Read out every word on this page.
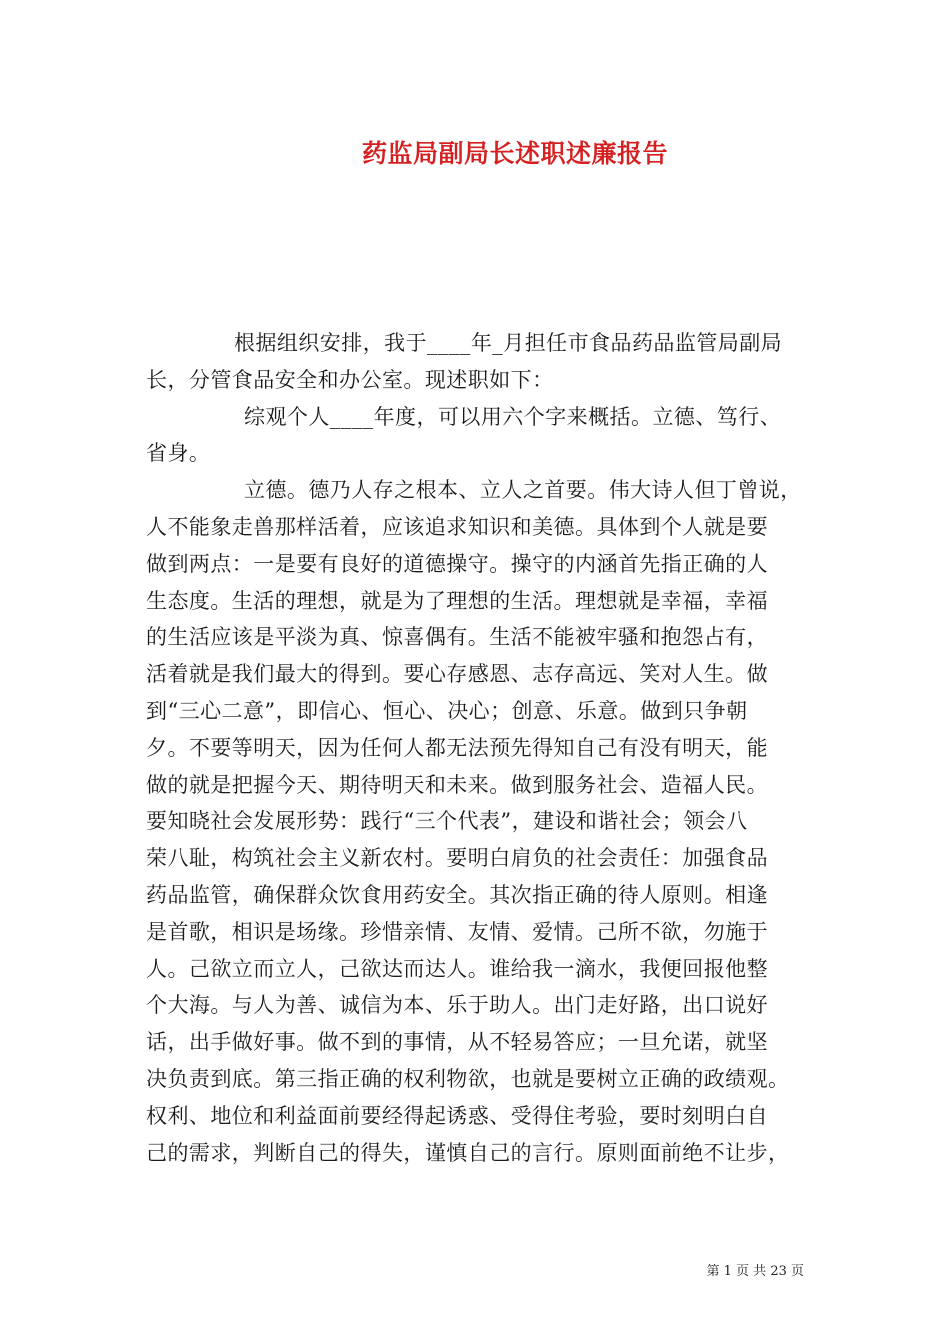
药监局副局长述职述廉报告
根据组织安排，我于____年_月担任市食品药品监管局副局
长，分管食品安全和办公室。现述职如下：
综观个人____年度，可以用六个字来概括。立德、笃行、
省身。
立德。德乃人存之根本、立人之首要。伟大诗人但丁曾说，
人不能象走兽那样活着，应该追求知识和美德。具体到个人就是要
做到两点：一是要有良好的道德操守。操守的内涵首先指正确的人
生态度。生活的理想，就是为了理想的生活。理想就是幸福，幸福
的生活应该是平淡为真、惊喜偶有。生活不能被牢骚和抱怨占有，
活着就是我们最大的得到。要心存感恩、志存高远、笑对人生。做
到“三心二意”，即信心、恒心、决心；创意、乐意。做到只争朝
夕。不要等明天，因为任何人都无法预先得知自己有没有明天，能
做的就是把握今天、期待明天和未来。做到服务社会、造福人民。
要知晓社会发展形势：践行“三个代表”，建设和谐社会；领会八
荣八耻，构筑社会主义新农村。要明白肩负的社会责任：加强食品
药品监管，确保群众饮食用药安全。其次指正确的待人原则。相逢
是首歌，相识是场缘。珍惜亲情、友情、爱情。己所不欲，勿施于
人。己欲立而立人，己欲达而达人。谁给我一滴水，我便回报他整
个大海。与人为善、诚信为本、乐于助人。出门走好路，出口说好
话，出手做好事。做不到的事情，从不轻易答应；一旦允诺，就坚
决负责到底。第三指正确的权利物欲，也就是要树立正确的政绩观。
权利、地位和利益面前要经得起诱惑、受得住考验，要时刻明白自
己的需求，判断自己的得失，谨慎自己的言行。原则面前绝不让步，
第 1 页 共 23 页
